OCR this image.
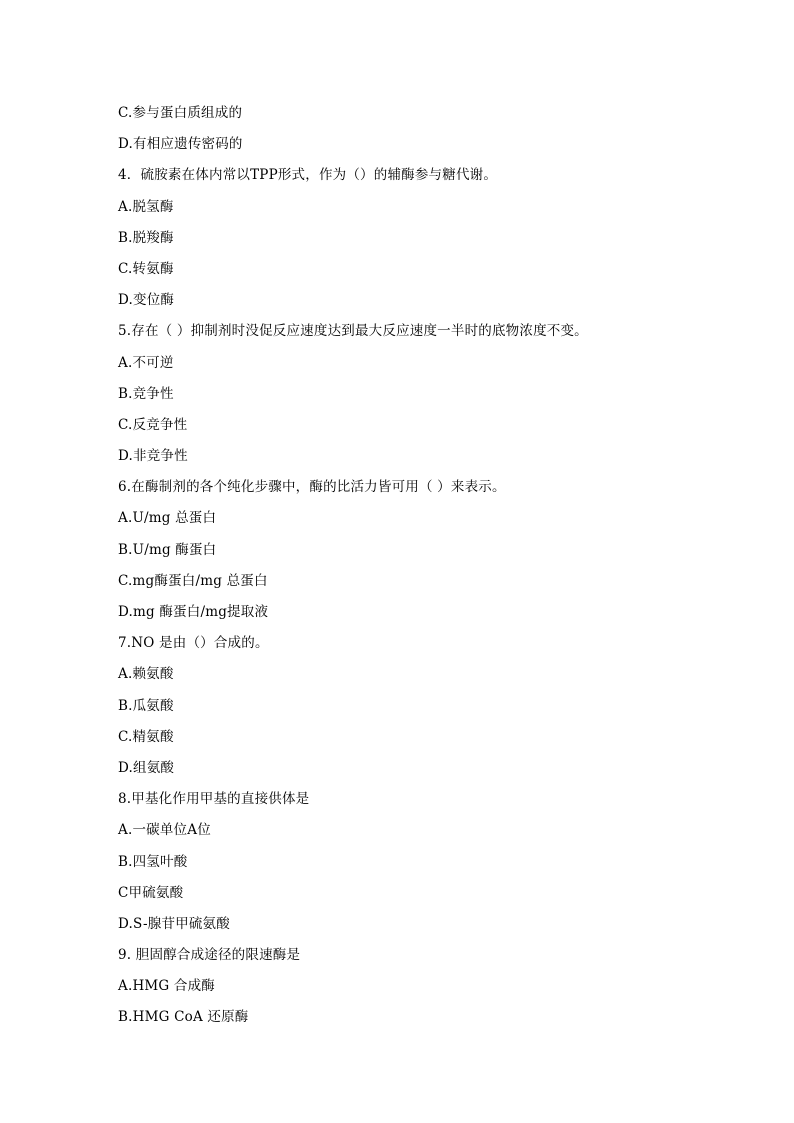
C.参与蛋白质组成的
D.有相应遗传密码的
4．硫胺素在体内常以TPP形式，作为（）的辅酶参与糖代谢。
A.脱氢酶
B.脱羧酶
C.转氨酶
D.变位酶
5.存在（ ）抑制剂时没促反应速度达到最大反应速度一半时的底物浓度不变。
A.不可逆
B.竞争性
C.反竞争性
D.非竞争性
6.在酶制剂的各个纯化步骤中，酶的比活力皆可用（ ）来表示。
A.U/mg 总蛋白
B.U/mg 酶蛋白
C.mg酶蛋白/mg 总蛋白
D.mg 酶蛋白/mg提取液
7.NO 是由（）合成的。
A.赖氨酸
B.瓜氨酸
C.精氨酸
D.组氨酸
8.甲基化作用甲基的直接供体是
A.一碳单位A位
B.四氢叶酸
C甲硫氨酸
D.S-腺苷甲硫氨酸
9. 胆固醇合成途径的限速酶是
A.HMG 合成酶
B.HMG CoA 还原酶
